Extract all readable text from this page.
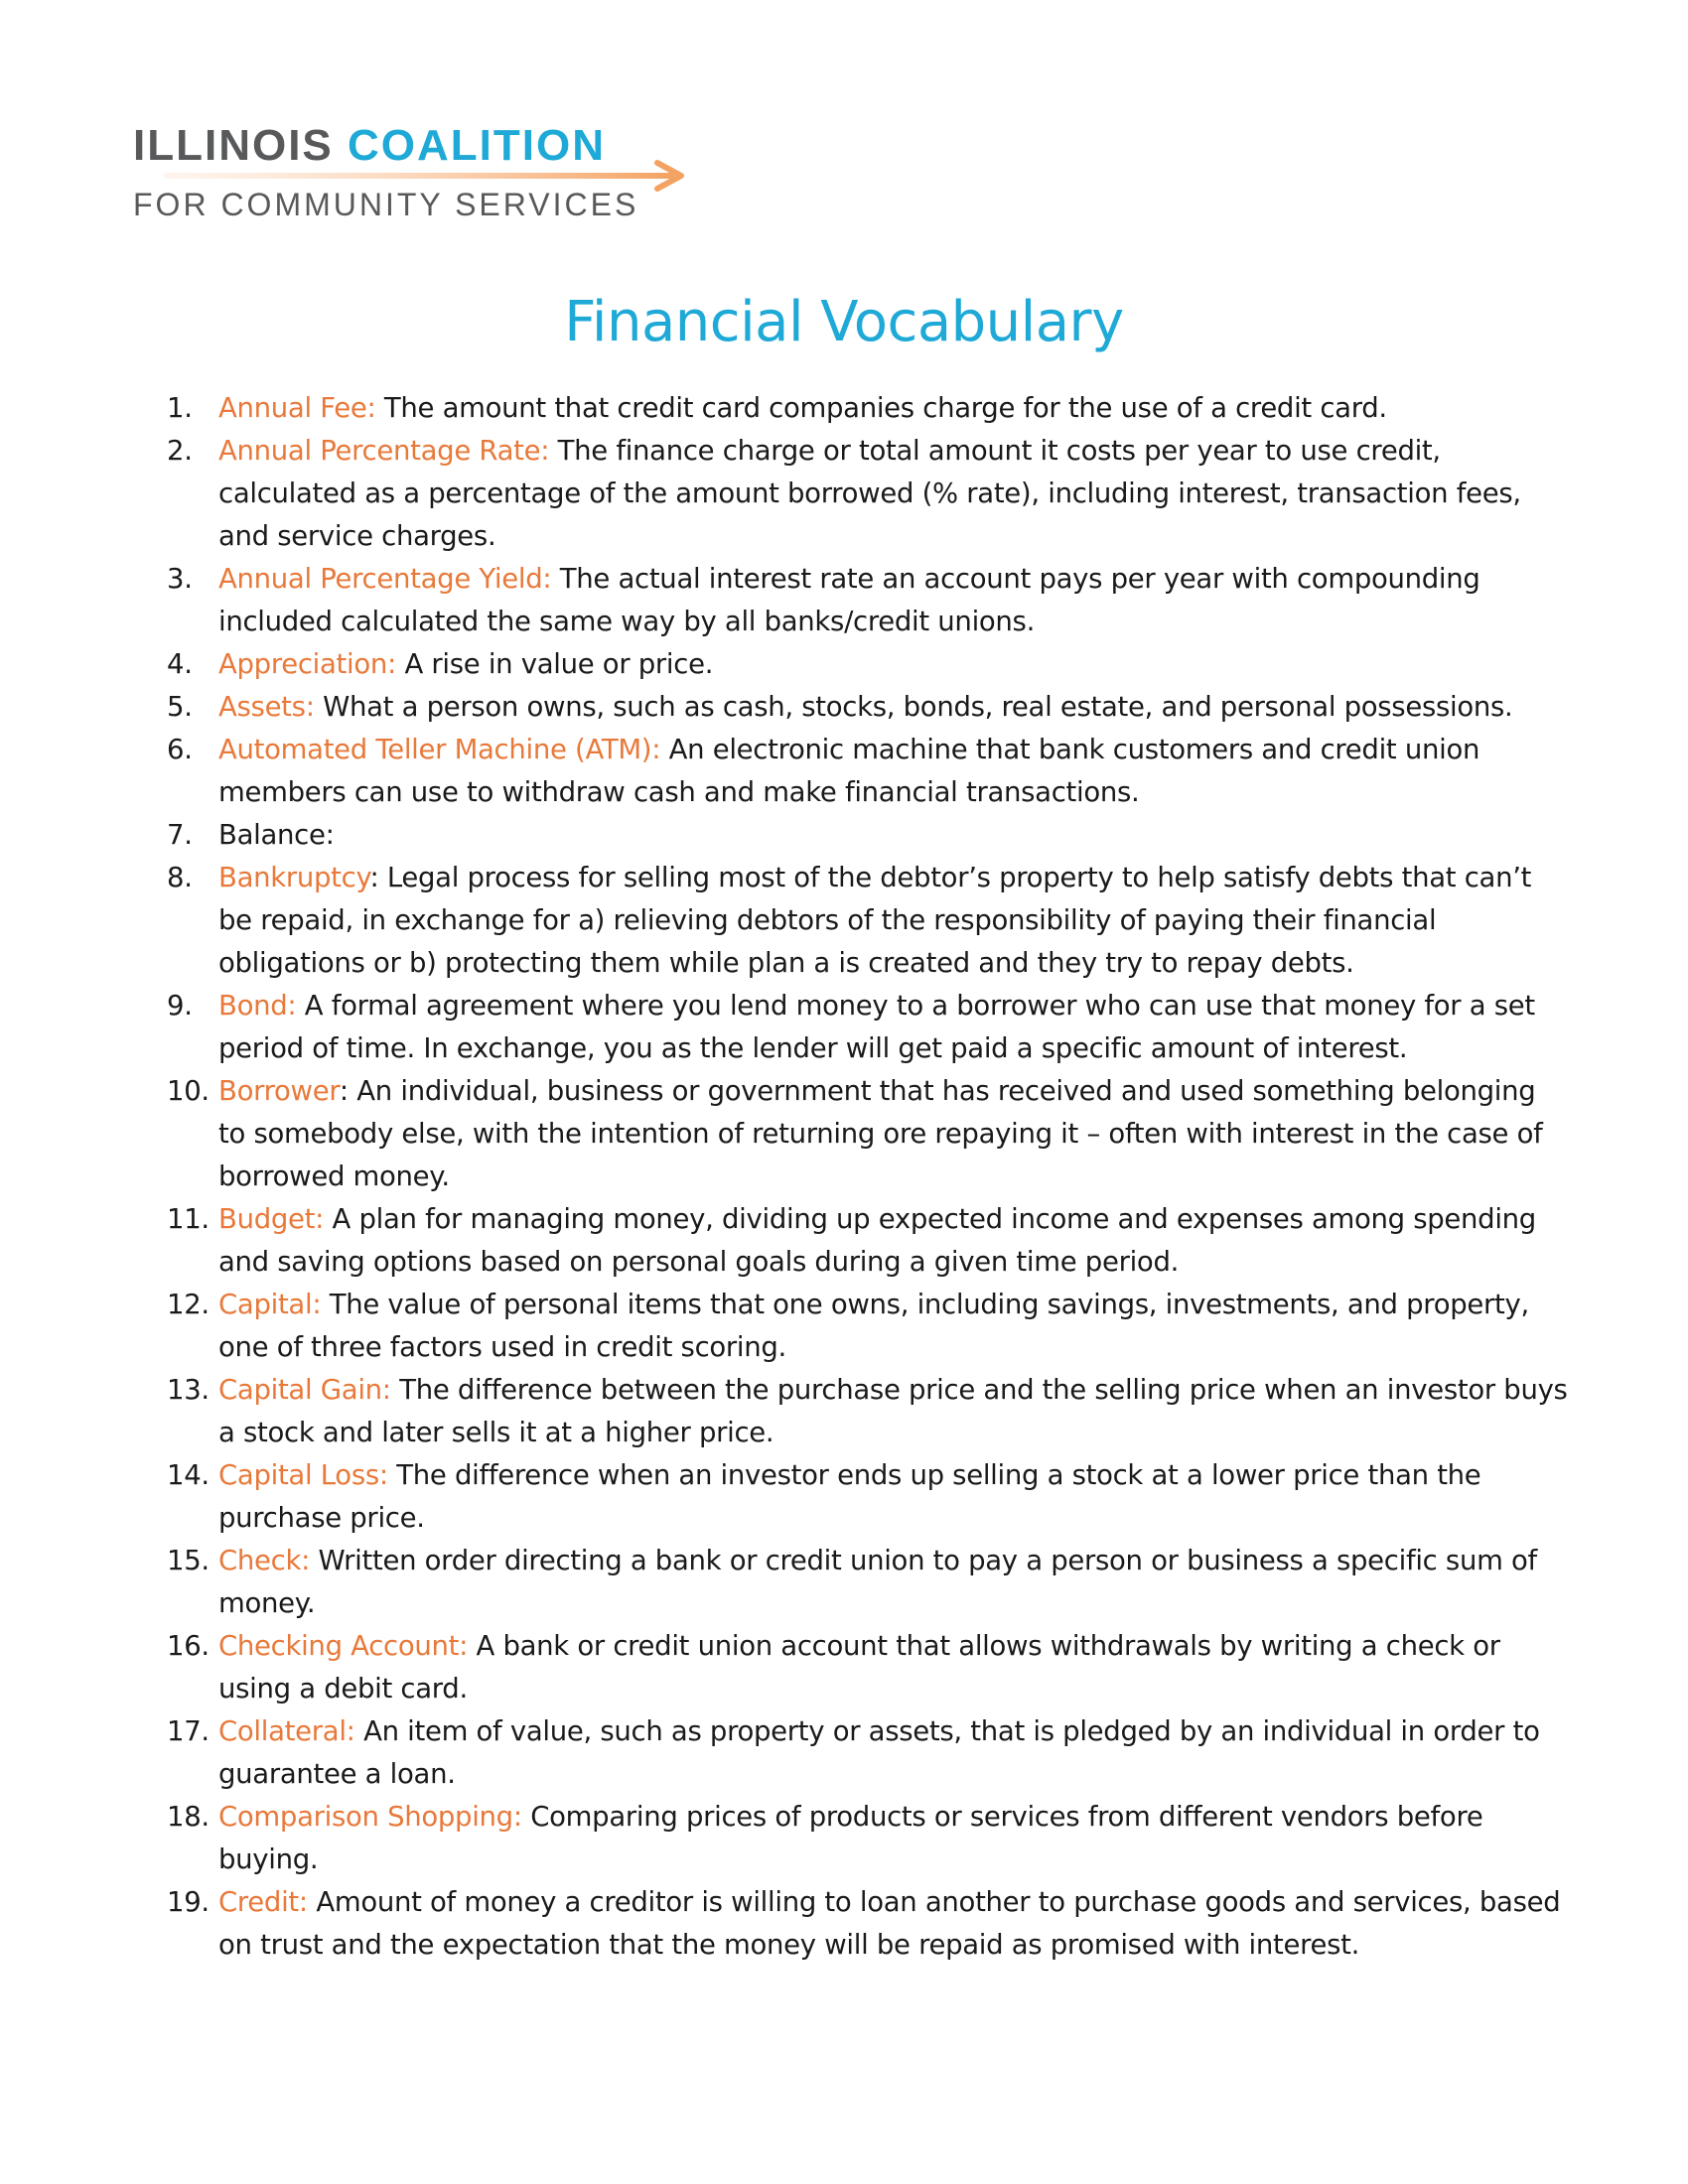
ILLINOIS COALITION
FOR COMMUNITY SERVICES
Financial Vocabulary
1. Annual Fee: The amount that credit card companies charge for the use of a credit card.
2. Annual Percentage Rate: The finance charge or total amount it costs per year to use credit, calculated as a percentage of the amount borrowed (% rate), including interest, transaction fees, and service charges.
3. Annual Percentage Yield: The actual interest rate an account pays per year with compounding included calculated the same way by all banks/credit unions.
4. Appreciation: A rise in value or price.
5. Assets: What a person owns, such as cash, stocks, bonds, real estate, and personal possessions.
6. Automated Teller Machine (ATM): An electronic machine that bank customers and credit union members can use to withdraw cash and make financial transactions.
7. Balance:
8. Bankruptcy: Legal process for selling most of the debtor’s property to help satisfy debts that can’t be repaid, in exchange for a) relieving debtors of the responsibility of paying their financial obligations or b) protecting them while plan a is created and they try to repay debts.
9. Bond: A formal agreement where you lend money to a borrower who can use that money for a set period of time. In exchange, you as the lender will get paid a specific amount of interest.
10. Borrower: An individual, business or government that has received and used something belonging to somebody else, with the intention of returning ore repaying it – often with interest in the case of borrowed money.
11. Budget: A plan for managing money, dividing up expected income and expenses among spending and saving options based on personal goals during a given time period.
12. Capital: The value of personal items that one owns, including savings, investments, and property, one of three factors used in credit scoring.
13. Capital Gain: The difference between the purchase price and the selling price when an investor buys a stock and later sells it at a higher price.
14. Capital Loss: The difference when an investor ends up selling a stock at a lower price than the purchase price.
15. Check: Written order directing a bank or credit union to pay a person or business a specific sum of money.
16. Checking Account: A bank or credit union account that allows withdrawals by writing a check or using a debit card.
17. Collateral: An item of value, such as property or assets, that is pledged by an individual in order to guarantee a loan.
18. Comparison Shopping: Comparing prices of products or services from different vendors before buying.
19. Credit: Amount of money a creditor is willing to loan another to purchase goods and services, based on trust and the expectation that the money will be repaid as promised with interest.
